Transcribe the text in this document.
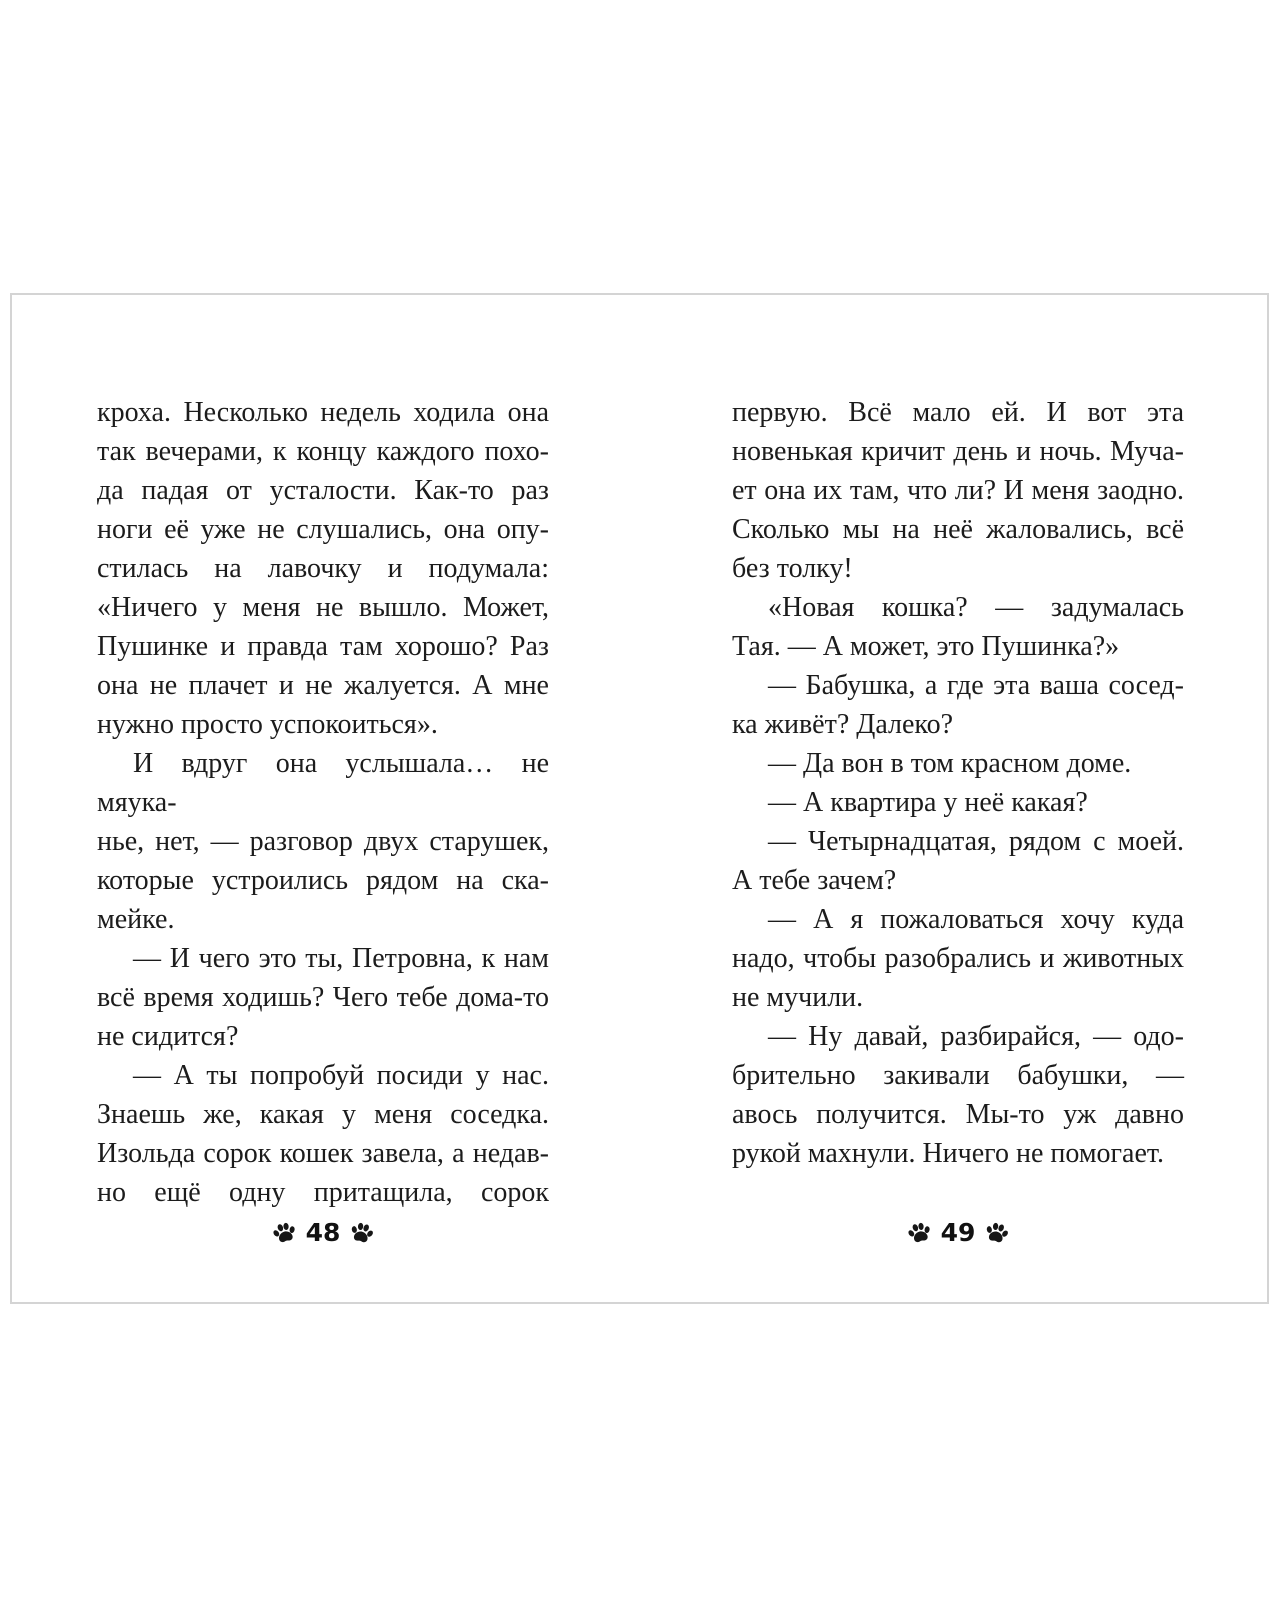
кроха. Несколько недель ходила она
так вечерами, к концу каждого похо-
да падая от усталости. Как-то раз
ноги её уже не слушались, она опу-
стилась на лавочку и подумала:
«Ничего у меня не вышло. Может,
Пушинке и правда там хорошо? Раз
она не плачет и не жалуется. А мне
нужно просто успокоиться».
И вдруг она услышала… не мяука-
нье, нет, — разговор двух старушек,
которые устроились рядом на ска-
мейке.
— И чего это ты, Петровна, к нам
всё время ходишь? Чего тебе дома-то
не сидится?
— А ты попробуй посиди у нас.
Знаешь же, какая у меня соседка.
Изольда сорок кошек завела, а недав-
но ещё одну притащила, сорок
первую. Всё мало ей. И вот эта
новенькая кричит день и ночь. Муча-
ет она их там, что ли? И меня заодно.
Сколько мы на неё жаловались, всё
без толку!
«Новая кошка? — задумалась
Тая. — А может, это Пушинка?»
— Бабушка, а где эта ваша сосед-
ка живёт? Далеко?
— Да вон в том красном доме.
— А квартира у неё какая?
— Четырнадцатая, рядом с моей.
А тебе зачем?
— А я пожаловаться хочу куда
надо, чтобы разобрались и животных
не мучили.
— Ну давай, разбирайся, — одо-
брительно закивали бабушки, —
авось получится. Мы-то уж давно
рукой махнули. Ничего не помогает.
48	49
